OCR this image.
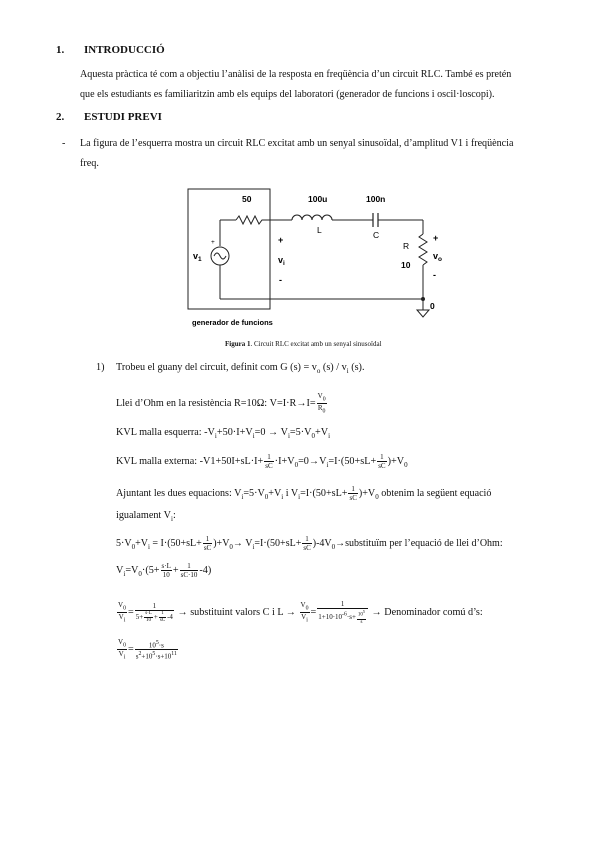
1. INTRODUCCIÓ
Aquesta pràctica té com a objectiu l’anàlisi de la resposta en freqüència d’un circuit RLC. També es pretén
que els estudiants es familiaritzin amb els equips del laboratori (generador de funcions i oscil·loscopi).
2. ESTUDI PREVI
- La figura de l’esquerra mostra un circuit RLC excitat amb un senyal sinusoïdal, d’amplitud V1 i freqüència
freq.
50	100u
L
100n
C
R
10
$v_1$
+	+
$v_i$
-
+
$v_o$
-
0
generador de funcions
Figura 1. Circuit RLC excitat amb un senyal sinusoïdal
1) Trobeu el guany del circuit, definit com G $(s) = v_o$ $(s) / v_i$ (s).
Llei d’Ohm en la resistència R=10Ω: $V=I\cdot R\to I= \frac{V_0}{R_0}$
KVL malla esquerra: $-V_i+50\cdot I+V_i=0 \to V_i=5\cdot V_0+V_i$
KVL malla externa: $-V1+50I+sL\cdot I+ \frac{1}{sC} \cdot I+V_0=0\to V_i=I\cdot(50+sL+ \frac{1}{sC} )+V_0$
Ajuntant les dues equacions: $V_i=5\cdot V_0+V_i$ i $V_i=I\cdot(50+sL+ \frac{1}{sC} )+V_0$ obtenim la següent equació
igualament $V_i$:
$5\cdot V_0+V_i = I\cdot(50+sL+ \frac{1}{sC} )+V_0\to V_i=I\cdot(50+sL+ \frac{1}{sC}$ )$-4V_0\to substituïm$ per l’equació de llei d’Ohm:
$V_i=V_0\cdot(5+ \frac{s\cdot L}{10} + \frac{1}{sC\cdot 10} -4)$
$\frac{V_0}{V_i} = \frac{1}{5+ \frac{s\cdot L}{10} + \frac{1}{sC} -4}$ → substituint valors C i $L \to \frac{V_0}{V_i} = \frac{1}{1+10\cdot 10^{-6}\cdot s+ \frac{10^5}{s}}$ → Denominador comú d’s:
$\frac{V_0}{V_i} = \frac{10^5\cdot s}{s^2+10^5\cdot s+10^{11}}$
